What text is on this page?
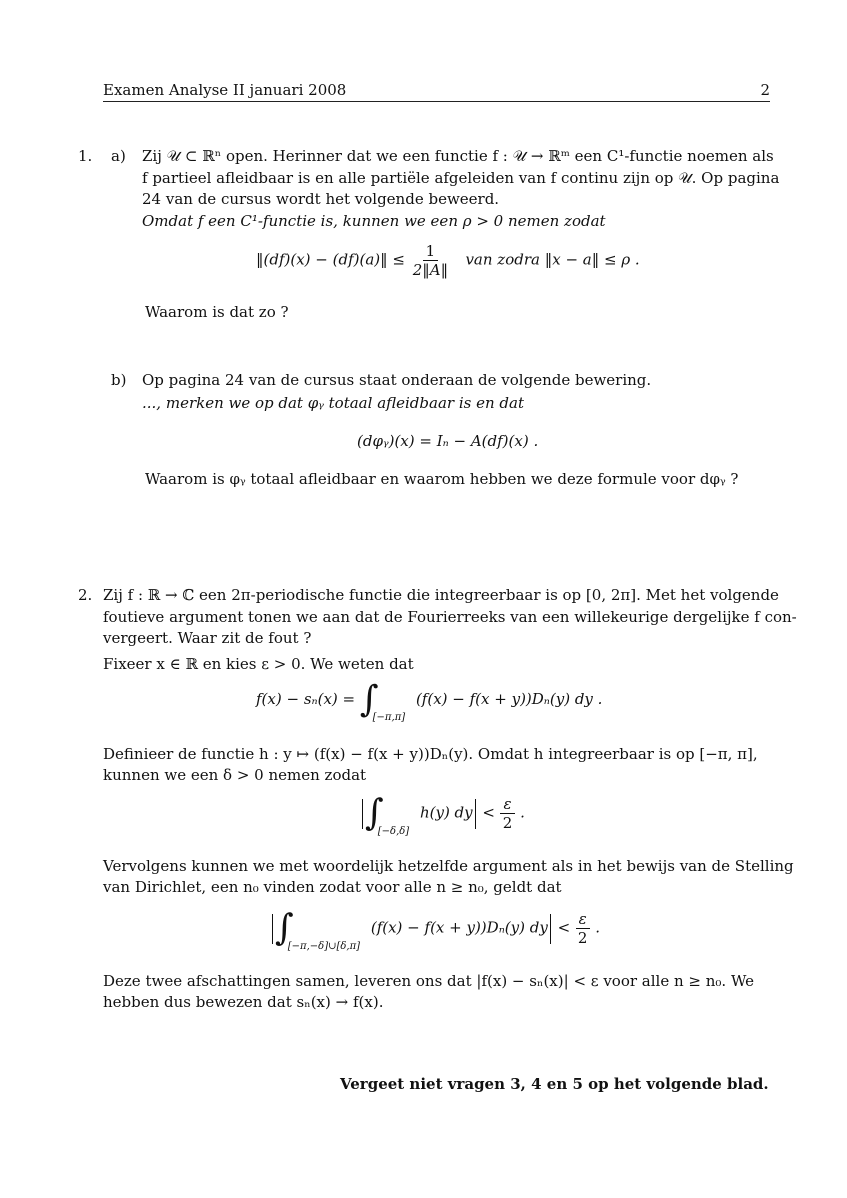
Examen Analyse II januari 2008	2
1. a) Zij 𝒰 ⊂ ℝⁿ open. Herinner dat we een functie f : 𝒰 → ℝᵐ een C¹-functie noemen als
f partieel afleidbaar is en alle partiële afgeleiden van f continu zijn op 𝒰. Op pagina
24 van de cursus wordt het volgende beweerd.
Omdat f een C¹-functie is, kunnen we een ρ > 0 nemen zodat
‖(df)(x) − (df)(a)‖ ≤ $\frac{1}{2‖A‖}$ van zodra ‖x − a‖ ≤ ρ .
Waarom is dat zo ?
b) Op pagina 24 van de cursus staat onderaan de volgende bewering.
..., merken we op dat φᵧ totaal afleidbaar is en dat
(dφᵧ)(x) = Iₙ − A(df)(x) .
Waarom is φᵧ totaal afleidbaar en waarom hebben we deze formule voor dφᵧ ?
2. Zij f : ℝ → ℂ een 2π-periodische functie die integreerbaar is op [0, 2π]. Met het volgende
foutieve argument tonen we aan dat de Fourierreeks van een willekeurige dergelijke f con-
vergeert. Waar zit de fout ?
Fixeer x ∈ ℝ en kies ε > 0. We weten dat
$f(x) - s_n(x) = \int_{[-\pi,\pi]}$ (f(x) − f(x + y))Dₙ(y) dy .
Definieer de functie h : y ↦ (f(x) − f(x + y))Dₙ(y). Omdat h integreerbaar is op [−π, π],
kunnen we een δ > 0 nemen zodat
$\int_{[-\delta,\delta]}$ h(y) dy < $\frac{\varepsilon}{2}$ .
Vervolgens kunnen we met woordelijk hetzelfde argument als in het bewijs van de Stelling
van Dirichlet, een n₀ vinden zodat voor alle n ≥ n₀, geldt dat
$\int_{[-\pi,-\delta]\cup[\delta,\pi]}$ (f(x) − f(x + y))Dₙ(y) dy < $\frac{\varepsilon}{2}$ .
Deze twee afschattingen samen, leveren ons dat |f(x) − sₙ(x)| < ε voor alle n ≥ n₀. We
hebben dus bewezen dat sₙ(x) → f(x).
Vergeet niet vragen 3, 4 en 5 op het volgende blad.
